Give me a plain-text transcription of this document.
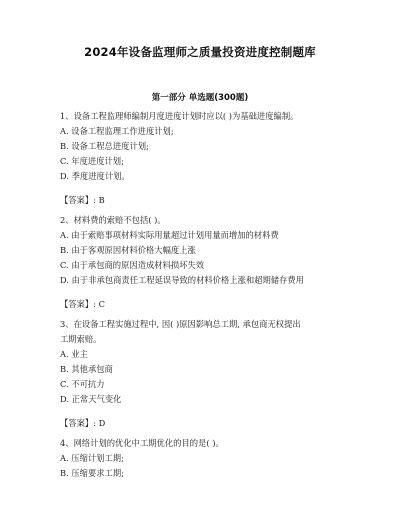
2024年设备监理师之质量投资进度控制题库
第一部分 单选题(300题)
1、设备工程监理师编制月度进度计划时应以( )为基础进度编制。
A. 设备工程监理工作进度计划;
B. 设备工程总进度计划;
C. 年度进度计划;
D. 季度进度计划。
【答案】: B
2、材料费的索赔不包括( )。
A. 由于索赔事项材料实际用量超过计划用量而增加的材料费
B. 由于客观原因材料价格大幅度上涨
C. 由于承包商的原因造成材料损坏失效
D. 由于非承包商责任工程延误导致的材料价格上涨和超期储存费用
【答案】: C
3、在设备工程实施过程中, 因( )原因影响总工期, 承包商无权提出
工期索赔。
A. 业主
B. 其他承包商
C. 不可抗力
D. 正常天气变化
【答案】: D
4、网络计划的优化中工期优化的目的是( )。
A. 压缩计划工期;
B. 压缩要求工期;
